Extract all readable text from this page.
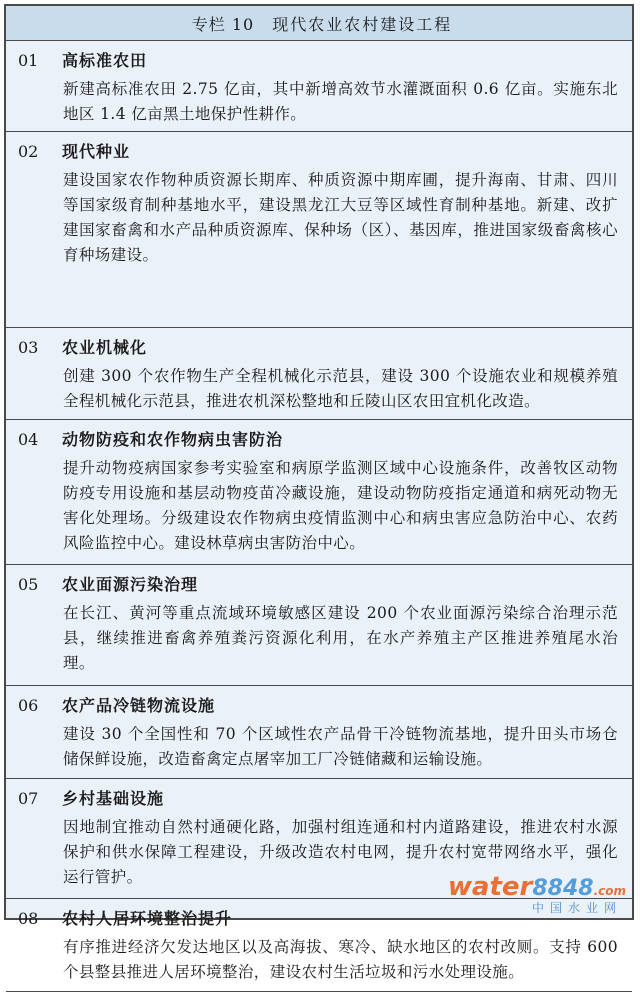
专栏 10 现代农业农村建设工程
01	高标准农田
新建高标准农田 2.75 亿亩，其中新增高效节水灌溉面积 0.6 亿亩。实施东北地区 1.4 亿亩黑土地保护性耕作。
02	现代种业
建设国家农作物种质资源长期库、种质资源中期库圃，提升海南、甘肃、四川等国家级育制种基地水平，建设黑龙江大豆等区域性育制种基地。新建、改扩建国家畜禽和水产品种质资源库、保种场（区）、基因库，推进国家级畜禽核心育种场建设。
03	农业机械化
创建 300 个农作物生产全程机械化示范县，建设 300 个设施农业和规模养殖全程机械化示范县，推进农机深松整地和丘陵山区农田宜机化改造。
04	动物防疫和农作物病虫害防治
提升动物疫病国家参考实验室和病原学监测区域中心设施条件，改善牧区动物防疫专用设施和基层动物疫苗冷藏设施，建设动物防疫指定通道和病死动物无害化处理场。分级建设农作物病虫疫情监测中心和病虫害应急防治中心、农药风险监控中心。建设林草病虫害防治中心。
05	农业面源污染治理
在长江、黄河等重点流域环境敏感区建设 200 个农业面源污染综合治理示范县，继续推进畜禽养殖粪污资源化利用，在水产养殖主产区推进养殖尾水治理。
06	农产品冷链物流设施
建设 30 个全国性和 70 个区域性农产品骨干冷链物流基地，提升田头市场仓储保鲜设施，改造畜禽定点屠宰加工厂冷链储藏和运输设施。
07	乡村基础设施
因地制宜推动自然村通硬化路，加强村组连通和村内道路建设，推进农村水源保护和供水保障工程建设，升级改造农村电网，提升农村宽带网络水平，强化运行管护。
08	农村人居环境整治提升
有序推进经济欠发达地区以及高海拔、寒冷、缺水地区的农村改厕。支持 600 个县整县推进人居环境整治，建设农村生活垃圾和污水处理设施。
water8848.com
中国水业网
